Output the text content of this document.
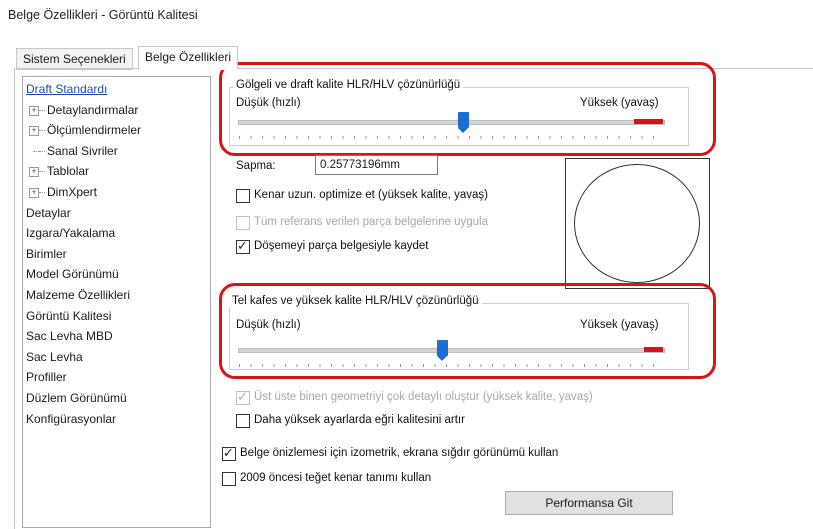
Belge Özellikleri - Görüntü Kalitesi
Sistem Seçenekleri	Belge Özellikleri
Draft Standardı
Detaylandırmalar
+
Ölçümlendirmeler
+
Sanal Sivriler
Tablolar
+
DimXpert
+
Detaylar
Izgara/Yakalama
Birimler
Model Görünümü
Malzeme Özellikleri
Görüntü Kalitesi
Sac Levha MBD
Sac Levha
Profiller
Düzlem Görünümü
Konfigürasyonlar
Gölgeli ve draft kalite HLR/HLV çözünürlüğü
Düşük (hızlı)	Yüksek (yavaş)
Sapma:	0.25773196mm
Kenar uzun. optimize et (yüksek kalite, yavaş)
Tüm referans verilen parça belgelerine uygula
✓
Döşemeyi parça belgesiyle kaydet
Tel kafes ve yüksek kalite HLR/HLV çözünürlüğü
Düşük (hızlı)	Yüksek (yavaş)
✓
Üst üste binen geometriyi çok detaylı oluştur (yüksek kalite, yavaş)
Daha yüksek ayarlarda eğri kalitesini artır
✓
Belge önizlemesi için izometrik, ekrana sığdır görünümü kullan
2009 öncesi teğet kenar tanımı kullan
Performansa Git
